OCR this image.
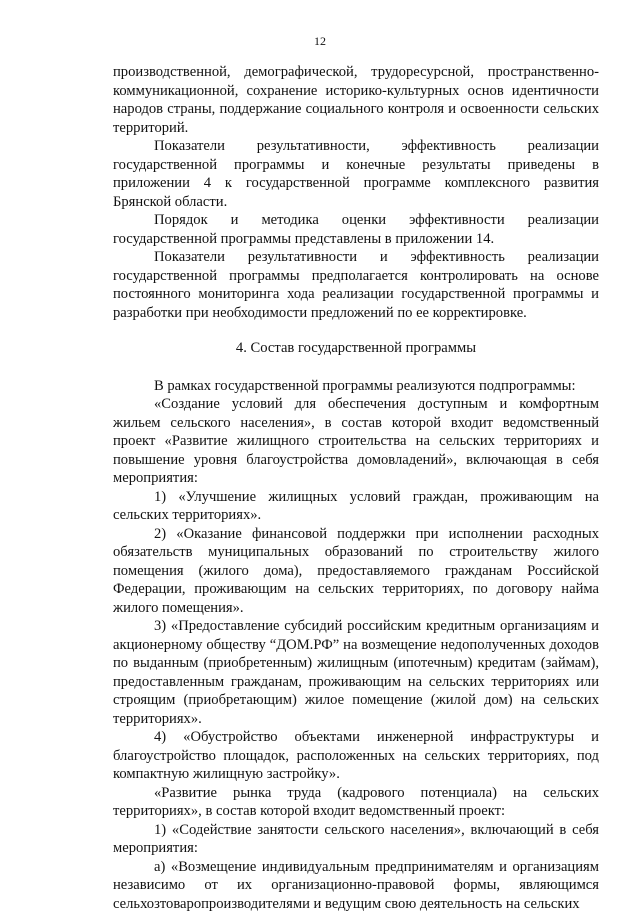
12

производственной, демографической, трудоресурсной, пространственно-коммуникационной, сохранение историко-культурных основ идентичности народов страны, поддержание социального контроля и освоенности сельских территорий.

Показатели результативности, эффективность реализации государственной программы и конечные результаты приведены в приложении 4 к государственной программе комплексного развития Брянской области.

Порядок и методика оценки эффективности реализации государственной программы представлены в приложении 14.

Показатели результативности и эффективность реализации государственной программы предполагается контролировать на основе постоянного мониторинга хода реализации государственной программы и разработки при необходимости предложений по ее корректировке.

4. Состав государственной программы

В рамках государственной программы реализуются подпрограммы:

«Создание условий для обеспечения доступным и комфортным жильем сельского населения», в состав которой входит ведомственный проект «Развитие жилищного строительства на сельских территориях и повышение уровня благоустройства домовладений», включающая в себя мероприятия:

1) «Улучшение жилищных условий граждан, проживающим на сельских территориях».

2) «Оказание финансовой поддержки при исполнении расходных обязательств муниципальных образований по строительству жилого помещения (жилого дома), предоставляемого гражданам Российской Федерации, проживающим на сельских территориях, по договору найма жилого помещения».

3) «Предоставление субсидий российским кредитным организациям и акционерному обществу “ДОМ.РФ” на возмещение недополученных доходов по выданным (приобретенным) жилищным (ипотечным) кредитам (займам), предоставленным гражданам, проживающим на сельских территориях или строящим (приобретающим) жилое помещение (жилой дом) на сельских территориях».

4) «Обустройство объектами инженерной инфраструктуры и благоустройство площадок, расположенных на сельских территориях, под компактную жилищную застройку».

«Развитие рынка труда (кадрового потенциала) на сельских территориях», в состав которой входит ведомственный проект:

1) «Содействие занятости сельского населения», включающий в себя мероприятия:

а) «Возмещение индивидуальным предпринимателям и организациям независимо от их организационно-правовой формы, являющимся сельхозтоваропроизводителями и ведущим свою деятельность на сельских
